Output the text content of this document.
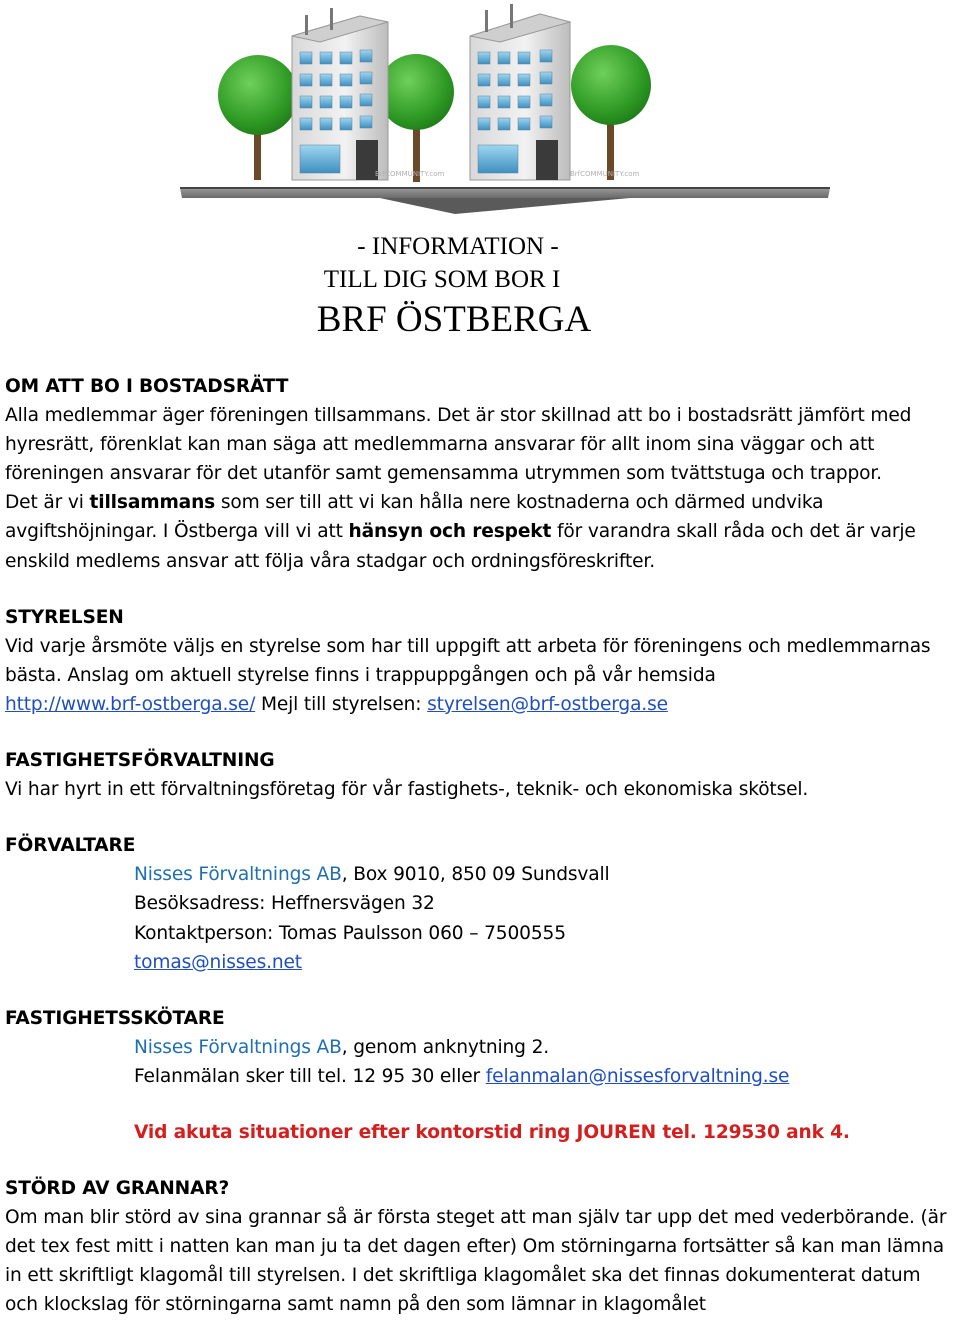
BrfCOMMUNITY.com	BrfCOMMUNITY.com
- INFORMATION -
TILL DIG SOM BOR I
BRF ÖSTBERGA

OM ATT BO I BOSTADSRÄTT

Alla medlemmar äger föreningen tillsammans. Det är stor skillnad att bo i bostadsrätt jämfört med hyresrätt, förenklat kan man säga att medlemmarna ansvarar för allt inom sina väggar och att föreningen ansvarar för det utanför samt gemensamma utrymmen som tvättstuga och trappor.

Det är vi tillsammans som ser till att vi kan hålla nere kostnaderna och därmed undvika avgiftshöjningar. I Östberga vill vi att hänsyn och respekt för varandra skall råda och det är varje enskild medlems ansvar att följa våra stadgar och ordningsföreskrifter.

STYRELSEN

Vid varje årsmöte väljs en styrelse som har till uppgift att arbeta för föreningens och medlemmarnas bästa. Anslag om aktuell styrelse finns i trappuppgången och på vår hemsida
http://www.brf-ostberga.se/ Mejl till styrelsen: styrelsen@brf-ostberga.se

FASTIGHETSFÖRVALTNING

Vi har hyrt in ett förvaltningsföretag för vår fastighets-, teknik- och ekonomiska skötsel.

FÖRVALTARE

Nisses Förvaltnings AB, Box 9010, 850 09 Sundsvall

Besöksadress: Heffnersvägen 32

Kontaktperson: Tomas Paulsson 060 – 7500555

tomas@nisses.net

FASTIGHETSSKÖTARE

Nisses Förvaltnings AB, genom anknytning 2.

Felanmälan sker till tel. 12 95 30 eller felanmalan@nissesforvaltning.se

Vid akuta situationer efter kontorstid ring JOUREN tel. 129530 ank 4.

STÖRD AV GRANNAR?

Om man blir störd av sina grannar så är första steget att man själv tar upp det med vederbörande. (är det tex fest mitt i natten kan man ju ta det dagen efter) Om störningarna fortsätter så kan man lämna in ett skriftligt klagomål till styrelsen. I det skriftliga klagomålet ska det finnas dokumenterat datum och klockslag för störningarna samt namn på den som lämnar in klagomålet
